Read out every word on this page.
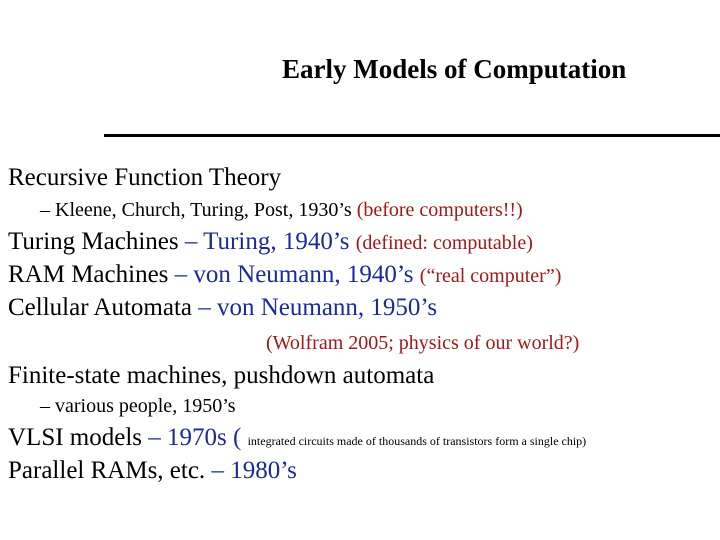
Early Models of Computation
Recursive Function Theory
– Kleene, Church, Turing, Post, 1930’s (before computers!!)
Turing Machines – Turing, 1940’s (defined: computable)
RAM Machines – von Neumann, 1940’s (“real computer”)
Cellular Automata – von Neumann, 1950’s
(Wolfram 2005; physics of our world?)
Finite-state machines, pushdown automata
– various people, 1950’s
VLSI models – 1970s ( integrated circuits made of thousands of transistors form a single chip)
Parallel RAMs, etc. – 1980’s
